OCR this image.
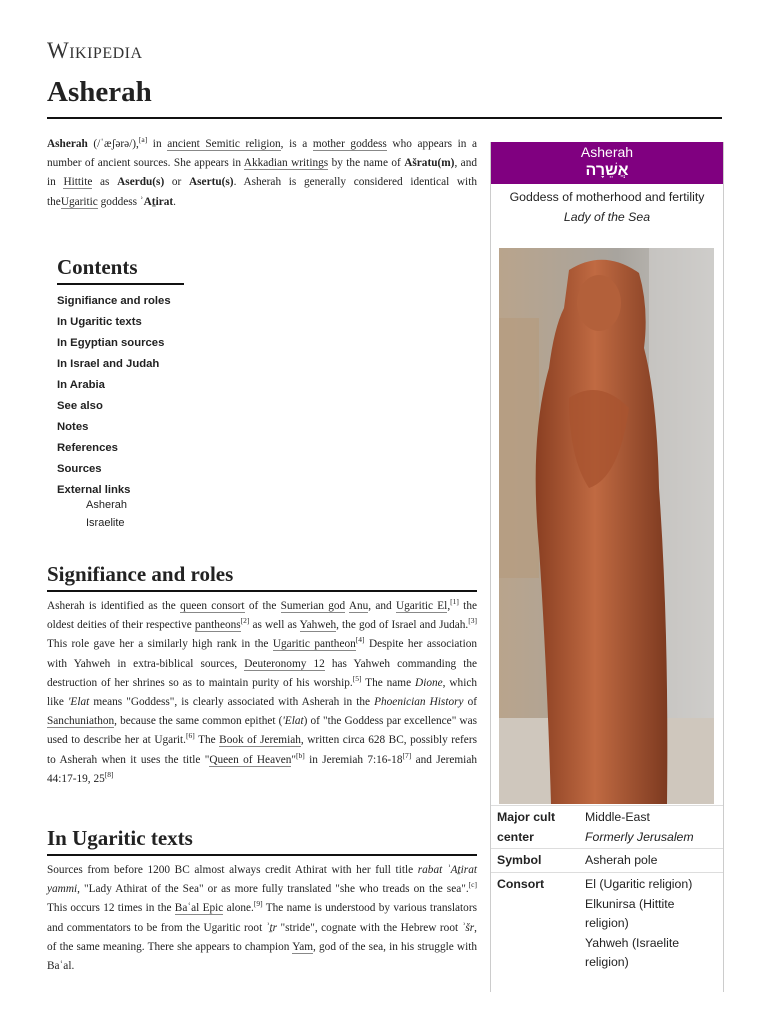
Wikipedia
Asherah

Asherah (/ˈæʃərə/),[a] in ancient Semitic religion, is a mother goddess who appears in a number of ancient sources. She appears in Akkadian writings by the name of Ašratu(m), and in Hittite as Aserdu(s) or Asertu(s). Asherah is generally considered identical with theUgaritic goddess ʾAṯirat.

Contents
Signifiance and roles
In Ugaritic texts
In Egyptian sources
In Israel and Judah
In Arabia
See also
Notes
References
Sources
External links
Asherah
Israelite
Signifiance and roles

Asherah is identified as the queen consort of the Sumerian god Anu, and Ugaritic El,[1] the oldest deities of their respective pantheons[2] as well as Yahweh, the god of Israel and Judah.[3] This role gave her a similarly high rank in the Ugaritic pantheon[4] Despite her association with Yahweh in extra-biblical sources, Deuteronomy 12 has Yahweh commanding the destruction of her shrines so as to maintain purity of his worship.[5] The name Dione, which like 'Elat means "Goddess", is clearly associated with Asherah in the Phoenician History of Sanchuniathon, because the same common epithet ('Elat) of "the Goddess par excellence" was used to describe her at Ugarit.[6] The Book of Jeremiah, written circa 628 BC, possibly refers to Asherah when it uses the title "Queen of Heaven"[b] in Jeremiah 7:16-18[7] and Jeremiah 44:17-19, 25[8]

In Ugaritic texts

Sources from before 1200 BC almost always credit Athirat with her full title rabat ʾAṯirat yammi, "Lady Athirat of the Sea" or as more fully translated "she who treads on the sea".[c] This occurs 12 times in the Baʿal Epic alone.[9] The name is understood by various translators and commentators to be from the Ugaritic root ʾṯr "stride", cognate with the Hebrew root ʾšr, of the same meaning. There she appears to champion Yam, god of the sea, in his struggle with Baʿal.

Asherah
אֲשֵׁרָה
Goddess of motherhood and fertility
Lady of the Sea
Major cult center
Middle-East
Formerly Jerusalem
Symbol	Asherah pole
Consort	El (Ugaritic religion)
Elkunirsa (Hittite religion)
Yahweh (Israelite religion)
